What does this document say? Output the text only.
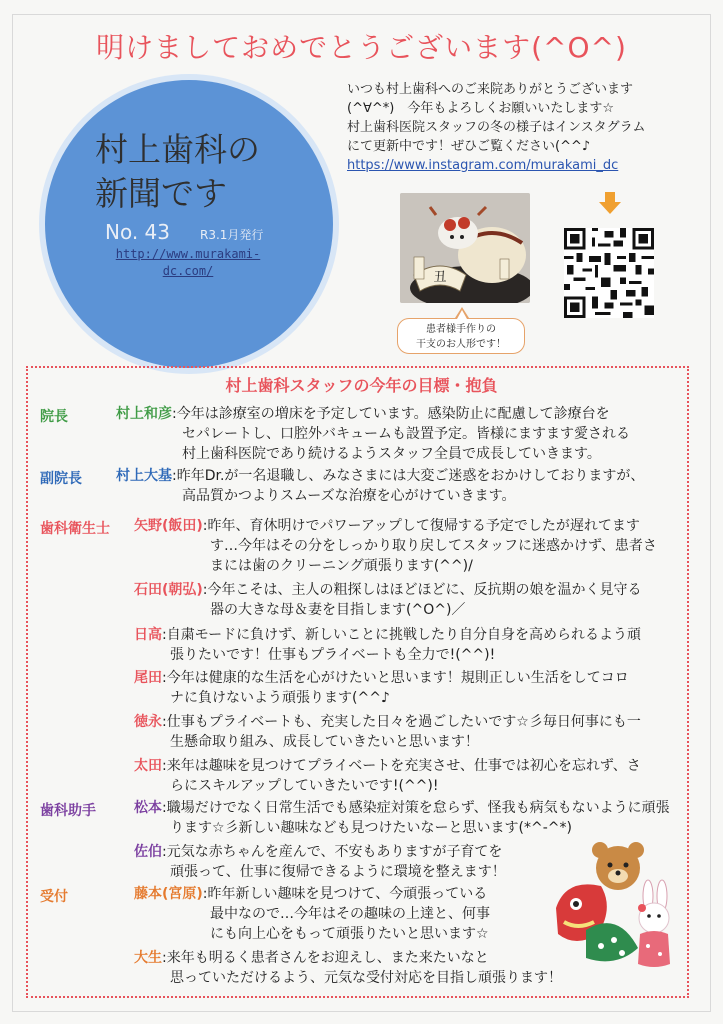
明けましておめでとうございます(^O^)
村上歯科の
新聞です
No. 43 R3.1月発行
http://www.murakami-
dc.com/
いつも村上歯科へのご来院ありがとうございます
(^∀^*)　今年もよろしくお願いいたします☆
村上歯科医院スタッフの冬の様子はインスタグラム
にて更新中です！ぜひご覧ください(^^♪
https://www.instagram.com/murakami_dc
丑
患者様手作りの
干支のお人形です！
村上歯科スタッフの今年の目標・抱負
院長
副院長
歯科衛生士
歯科助手
受付
村上和彦:今年は診療室の増床を予定しています。感染防止に配慮して診療台を
セパレートし、口腔外バキュームも設置予定。皆様にますます愛される
村上歯科医院であり続けるようスタッフ全員で成長していきます。
村上大基:昨年Dr.が一名退職し、みなさまには大変ご迷惑をおかけしておりますが、
高品質かつよりスムーズな治療を心がけていきます。
矢野(飯田):昨年、育休明けでパワーアップして復帰する予定でしたが遅れてます
す…今年はその分をしっかり取り戻してスタッフに迷惑かけず、患者さ
まには歯のクリーニング頑張ります(^^)/
石田(朝弘):今年こそは、主人の粗探しはほどほどに、反抗期の娘を温かく見守る
器の大きな母＆妻を目指します(^O^)／
日高:自粛モードに負けず、新しいことに挑戦したり自分自身を高められるよう頑
張りたいです！仕事もプライベートも全力で!(^^)!
尾田:今年は健康的な生活を心がけたいと思います！規則正しい生活をしてコロ
ナに負けないよう頑張ります(^^♪
徳永:仕事もプライベートも、充実した日々を過ごしたいです☆彡毎日何事にも一
生懸命取り組み、成長していきたいと思います！
太田:来年は趣味を見つけてプライベートを充実させ、仕事では初心を忘れず、さ
らにスキルアップしていきたいです!(^^)!
松本:職場だけでなく日常生活でも感染症対策を怠らず、怪我も病気もないように頑張
ります☆彡新しい趣味なども見つけたいなーと思います(*^-^*)
佐伯:元気な赤ちゃんを産んで、不安もありますが子育てを
頑張って、仕事に復帰できるように環境を整えます！
藤本(宮原):昨年新しい趣味を見つけて、今頑張っている
最中なので…今年はその趣味の上達と、何事
にも向上心をもって頑張りたいと思います☆
大生:来年も明るく患者さんをお迎えし、また来たいなと
思っていただけるよう、元気な受付対応を目指し頑張ります！
